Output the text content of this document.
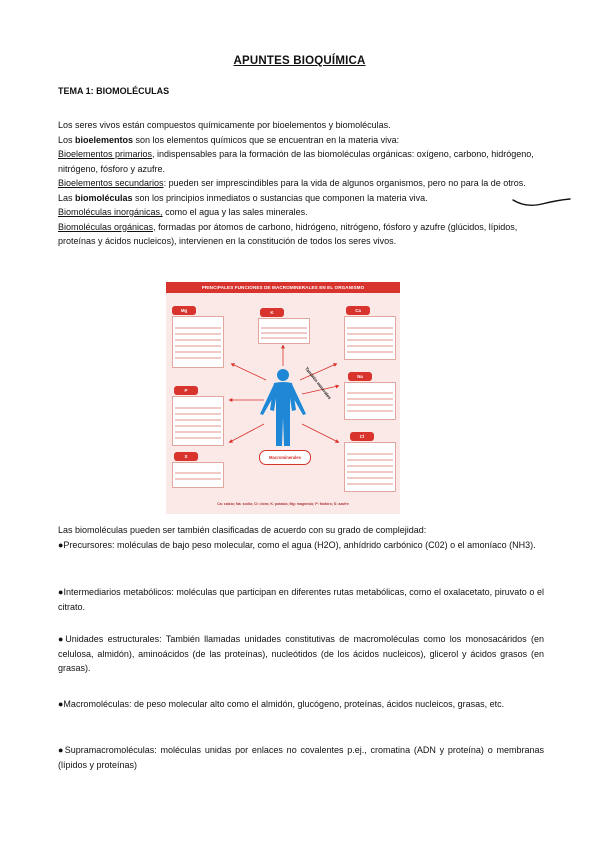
APUNTES BIOQUÍMICA
TEMA 1: BIOMOLÉCULAS
Los seres vivos están compuestos químicamente por bioelementos y biomoléculas.
Los bioelementos son los elementos químicos que se encuentran en la materia viva:
Bioelementos primarios, indispensables para la formación de las biomoléculas orgánicas: oxígeno, carbono, hidrógeno, nitrógeno, fósforo y azufre.
Bioelementos secundarios: pueden ser imprescindibles para la vida de algunos organismos, pero no para la de otros.
Las biomoléculas son los principios inmediatos o sustancias que componen la materia viva.
Biomoléculas inorgánicas, como el agua y las sales minerales.
Biomoléculas orgánicas, formadas por átomos de carbono, hidrógeno, nitrógeno, fósforo y azufre (glúcidos, lípidos, proteínas y ácidos nucleicos), intervienen en la constitución de todos los seres vivos.
PRINCIPALES FUNCIONES DE MACROMINERALES EN EL ORGANISMO
Mg	K	Ca
P
Na
S
Cl
También minerales
Macrominerales
Ca: calcio; Na: sodio; Cl: cloro; K: potasio; Mg: magnesio; P: fósforo; S: azufre
Las biomoléculas pueden ser también clasificadas de acuerdo con su grado de complejidad:
●Precursores: moléculas de bajo peso molecular, como el agua (H2O), anhídrido carbónico (C02) o el amoníaco (NH3).
●Intermediarios metabólicos: moléculas que participan en diferentes rutas metabólicas, como el oxalacetato, piruvato o el citrato.
●Unidades estructurales: También llamadas unidades constitutivas de macromoléculas como los monosacáridos (en celulosa, almidón), aminoácidos (de las proteínas), nucleótidos (de los ácidos nucleicos), glicerol y ácidos grasos (en grasas).
●Macromoléculas: de peso molecular alto como el almidón, glucógeno, proteínas, ácidos nucleicos, grasas, etc.
●Supramacromoléculas: moléculas unidas por enlaces no covalentes p.ej., cromatina (ADN y proteína) o membranas (lípidos y proteínas)
